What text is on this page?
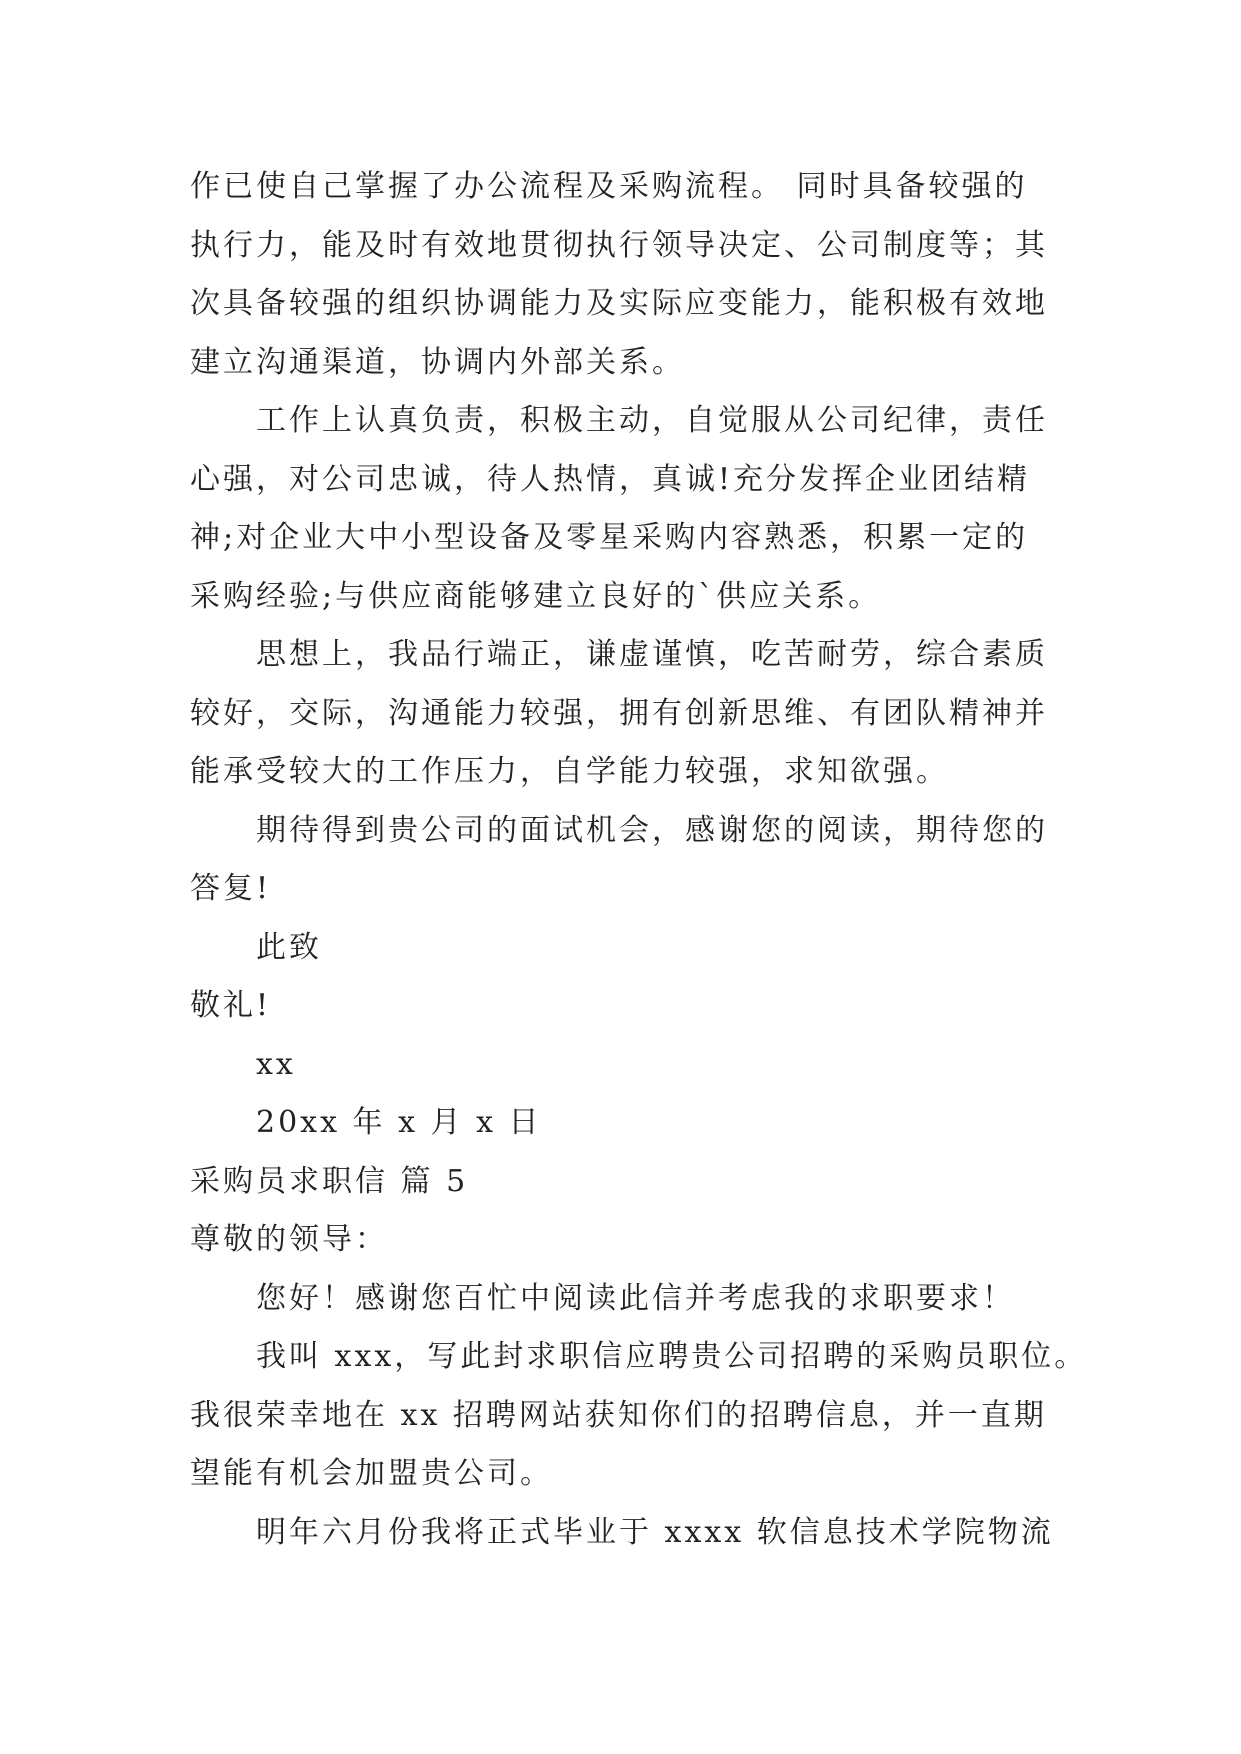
作已使自己掌握了办公流程及采购流程。 同时具备较强的
执行力，能及时有效地贯彻执行领导决定、公司制度等；其
次具备较强的组织协调能力及实际应变能力，能积极有效地
建立沟通渠道，协调内外部关系。
工作上认真负责，积极主动，自觉服从公司纪律，责任
心强，对公司忠诚，待人热情，真诚!充分发挥企业团结精
神;对企业大中小型设备及零星采购内容熟悉，积累一定的
采购经验;与供应商能够建立良好的`供应关系。
思想上，我品行端正，谦虚谨慎，吃苦耐劳，综合素质
较好，交际，沟通能力较强，拥有创新思维、有团队精神并
能承受较大的工作压力，自学能力较强，求知欲强。
期待得到贵公司的面试机会，感谢您的阅读，期待您的
答复!
此致
敬礼!
xx
20xx 年 x 月 x 日
采购员求职信 篇 5
尊敬的领导：
您好！感谢您百忙中阅读此信并考虑我的求职要求！
我叫 xxx，写此封求职信应聘贵公司招聘的采购员职位。
我很荣幸地在 xx 招聘网站获知你们的招聘信息，并一直期
望能有机会加盟贵公司。
明年六月份我将正式毕业于 xxxx 软信息技术学院物流
